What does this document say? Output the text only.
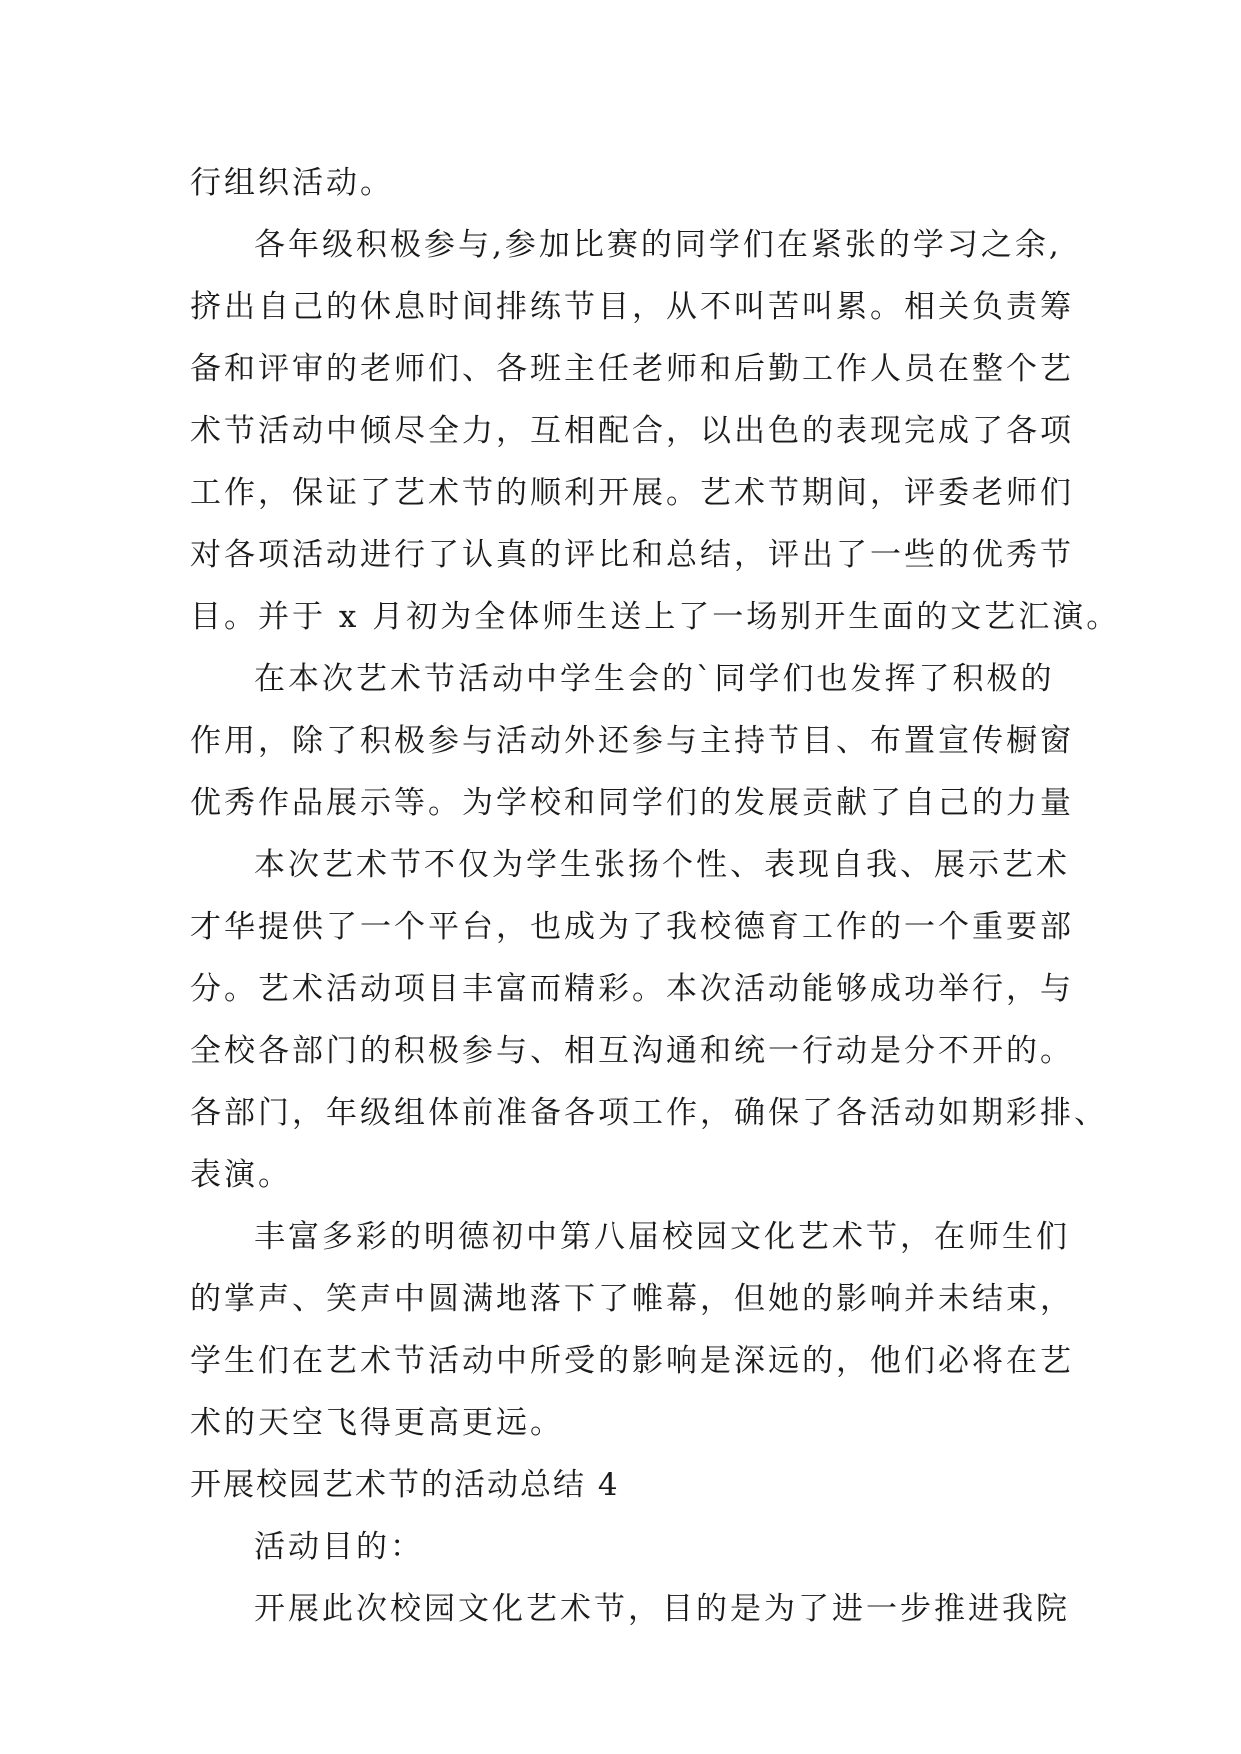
行组织活动。
各年级积极参与,参加比赛的同学们在紧张的学习之余,
挤出自己的休息时间排练节目，从不叫苦叫累。相关负责筹
备和评审的老师们、各班主任老师和后勤工作人员在整个艺
术节活动中倾尽全力，互相配合，以出色的表现完成了各项
工作，保证了艺术节的顺利开展。艺术节期间，评委老师们
对各项活动进行了认真的评比和总结，评出了一些的优秀节
目。并于 x 月初为全体师生送上了一场别开生面的文艺汇演。
在本次艺术节活动中学生会的`同学们也发挥了积极的
作用，除了积极参与活动外还参与主持节目、布置宣传橱窗
优秀作品展示等。为学校和同学们的发展贡献了自己的力量
本次艺术节不仅为学生张扬个性、表现自我、展示艺术
才华提供了一个平台，也成为了我校德育工作的一个重要部
分。艺术活动项目丰富而精彩。本次活动能够成功举行，与
全校各部门的积极参与、相互沟通和统一行动是分不开的。
各部门，年级组体前准备各项工作，确保了各活动如期彩排、
表演。
丰富多彩的明德初中第八届校园文化艺术节，在师生们
的掌声、笑声中圆满地落下了帷幕，但她的影响并未结束，
学生们在艺术节活动中所受的影响是深远的，他们必将在艺
术的天空飞得更高更远。
开展校园艺术节的活动总结 4
活动目的：
开展此次校园文化艺术节，目的是为了进一步推进我院
